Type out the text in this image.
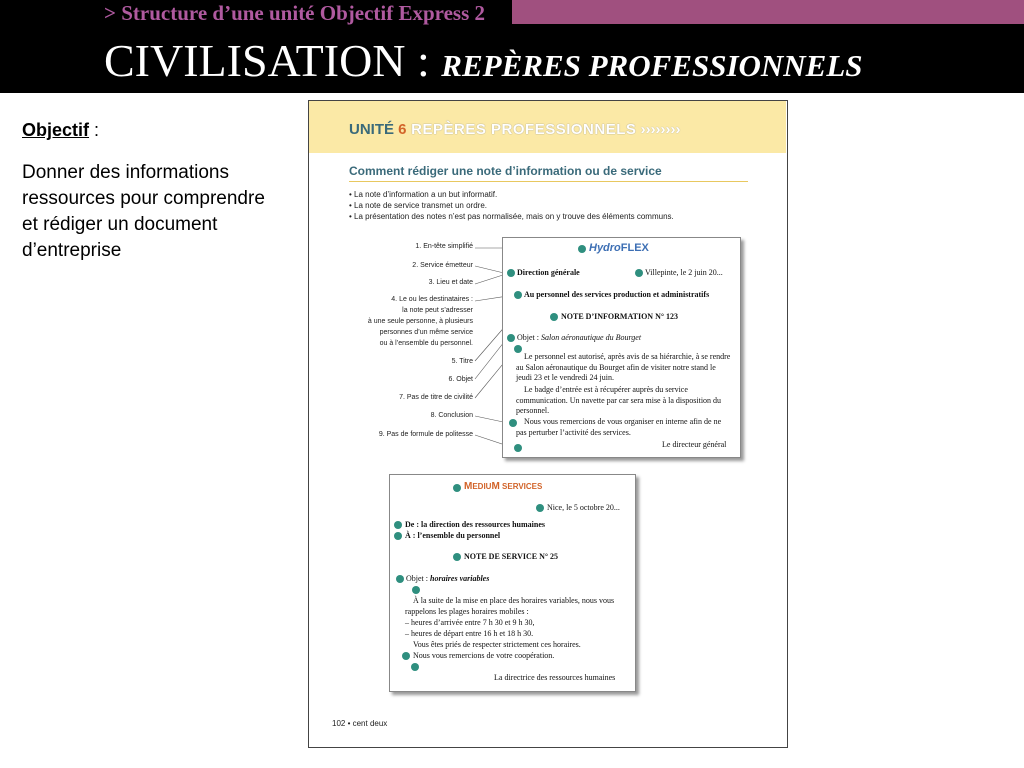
> Structure d’une unité Objectif Express 2
CIVILISATION : REPÈRES PROFESSIONNELS
Objectif :
Donner des informations ressources pour comprendre et rédiger un document d’entreprise
UNITÉ 6 REPÈRES PROFESSIONNELS ››››››››
Comment rédiger une note d’information ou de service
• La note d’information a un but informatif.
• La note de service transmet un ordre.
• La présentation des notes n’est pas normalisée, mais on y trouve des éléments communs.
1. En-tête simplifié
2. Service émetteur
3. Lieu et date
4. Le ou les destinataires :
la note peut s’adresser
à une seule personne, à plusieurs
personnes d’un même service
ou à l’ensemble du personnel.
5. Titre
6. Objet
7. Pas de titre de civilité
8. Conclusion
9. Pas de formule de politesse
HydroFLEX
Direction générale	Villepinte, le 2 juin 20...
Au personnel des services production et administratifs
NOTE D’INFORMATION N° 123
Objet : Salon aéronautique du Bourget
Le personnel est autorisé, après avis de sa hiérarchie, à se rendre au Salon aéronautique du Bourget afin de visiter notre stand le jeudi 23 et le vendredi 24 juin.
Le badge d’entrée est à récupérer auprès du service communication. Un navette par car sera mise à la disposition du personnel.
Nous vous remercions de vous organiser en interne afin de ne pas perturber l’activité des services.
Le directeur général
MEDIUM SERVICES
Nice, le 5 octobre 20...
De : la direction des ressources humaines
À : l’ensemble du personnel
NOTE DE SERVICE N° 25
Objet : horaires variables
À la suite de la mise en place des horaires variables, nous vous rappelons les plages horaires mobiles :
– heures d’arrivée entre 7 h 30 et 9 h 30,
– heures de départ entre 16 h et 18 h 30.
Vous êtes priés de respecter strictement ces horaires.
Nous vous remercions de votre coopération.
La directrice des ressources humaines
102 • cent deux
